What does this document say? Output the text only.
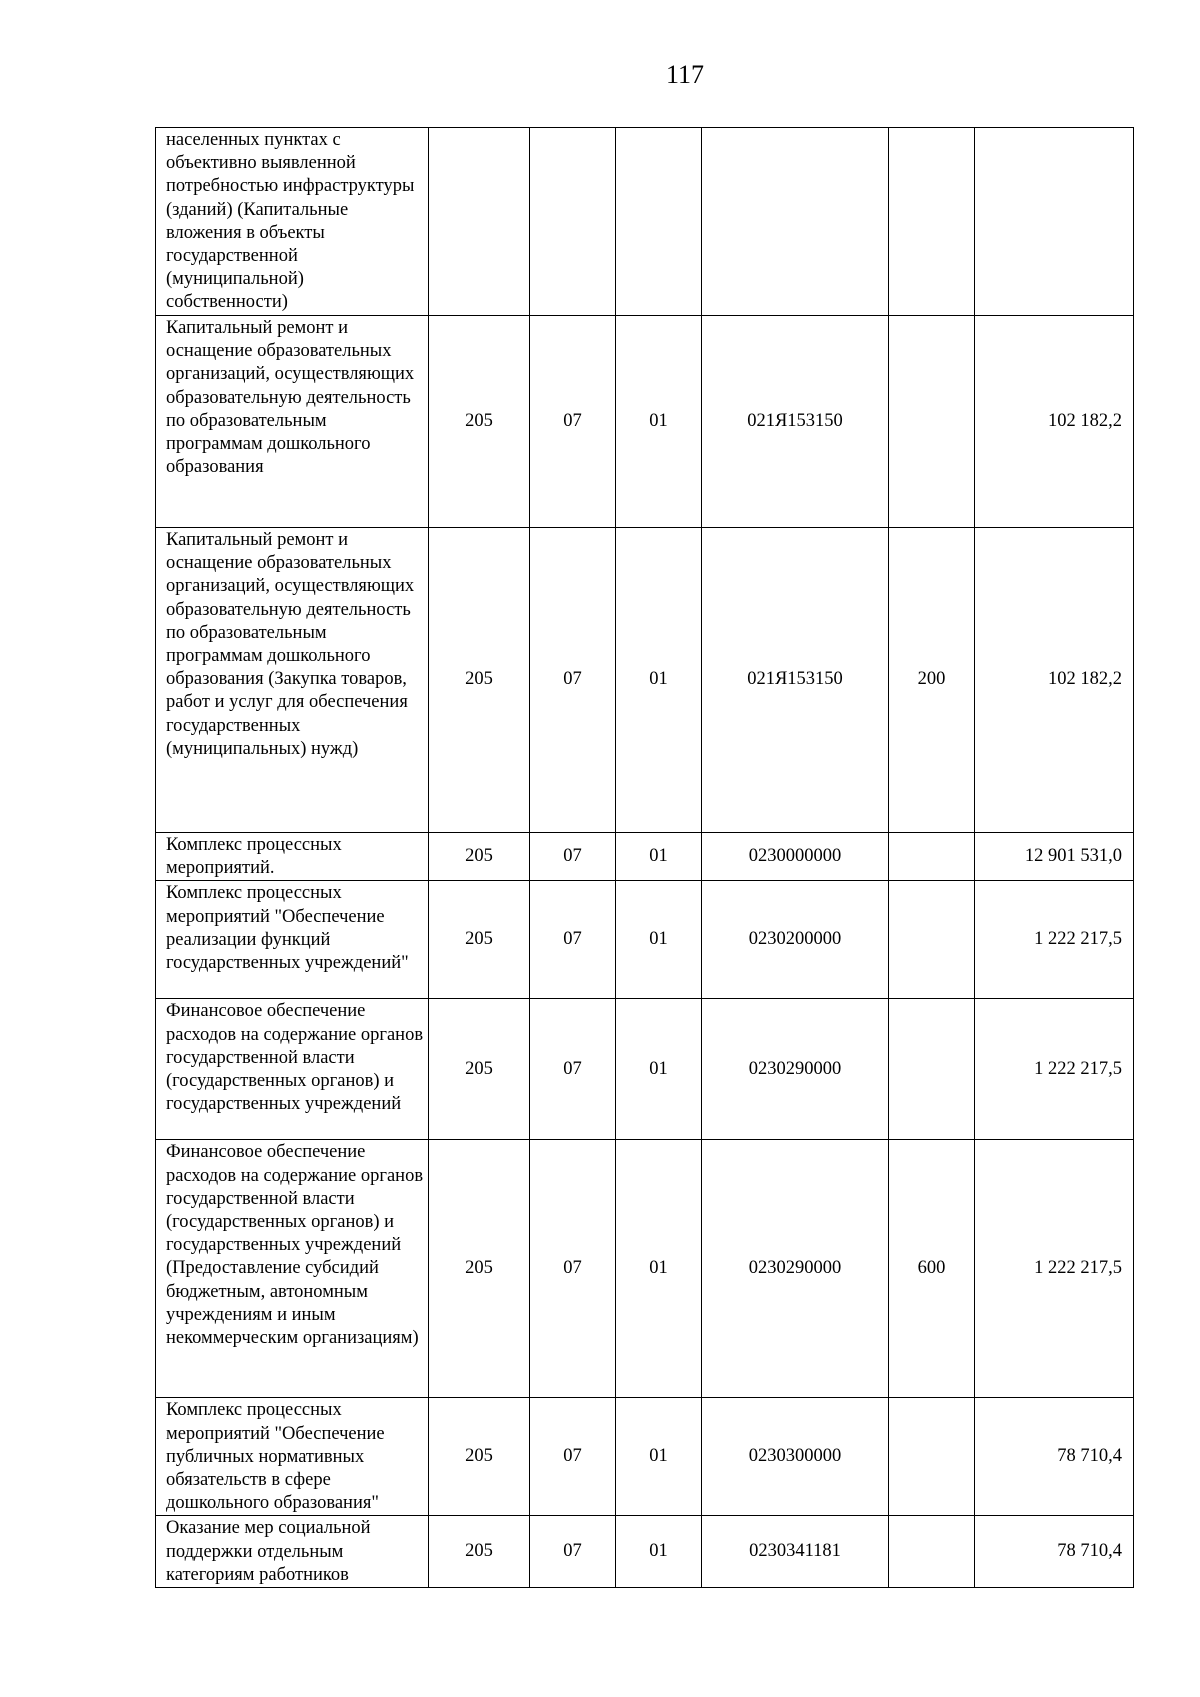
117
населенных пунктах с объективно выявленной потребностью инфраструктуры (зданий) (Капитальные вложения в объекты государственной (муниципальной) собственности)						
Капитальный ремонт и оснащение образовательных организаций, осуществляющих образовательную деятельность по образовательным программам дошкольного образования	205	07	01	021Я153150		102 182,2
Капитальный ремонт и оснащение образовательных организаций, осуществляющих образовательную деятельность по образовательным программам дошкольного образования (Закупка товаров, работ и услуг для обеспечения государственных (муниципальных) нужд)	205	07	01	021Я153150	200	102 182,2
Комплекс процессных мероприятий.	205	07	01	0230000000		12 901 531,0
Комплекс процессных мероприятий "Обеспечение реализации функций государственных учреждений"	205	07	01	0230200000		1 222 217,5
Финансовое обеспечение расходов на содержание органов государственной власти (государственных органов) и государственных учреждений	205	07	01	0230290000		1 222 217,5
Финансовое обеспечение расходов на содержание органов государственной власти (государственных органов) и государственных учреждений (Предоставление субсидий бюджетным, автономным учреждениям и иным некоммерческим организациям)	205	07	01	0230290000	600	1 222 217,5
Комплекс процессных мероприятий "Обеспечение публичных нормативных обязательств в сфере дошкольного образования"	205	07	01	0230300000		78 710,4
Оказание мер социальной поддержки отдельным категориям работников	205	07	01	0230341181		78 710,4
